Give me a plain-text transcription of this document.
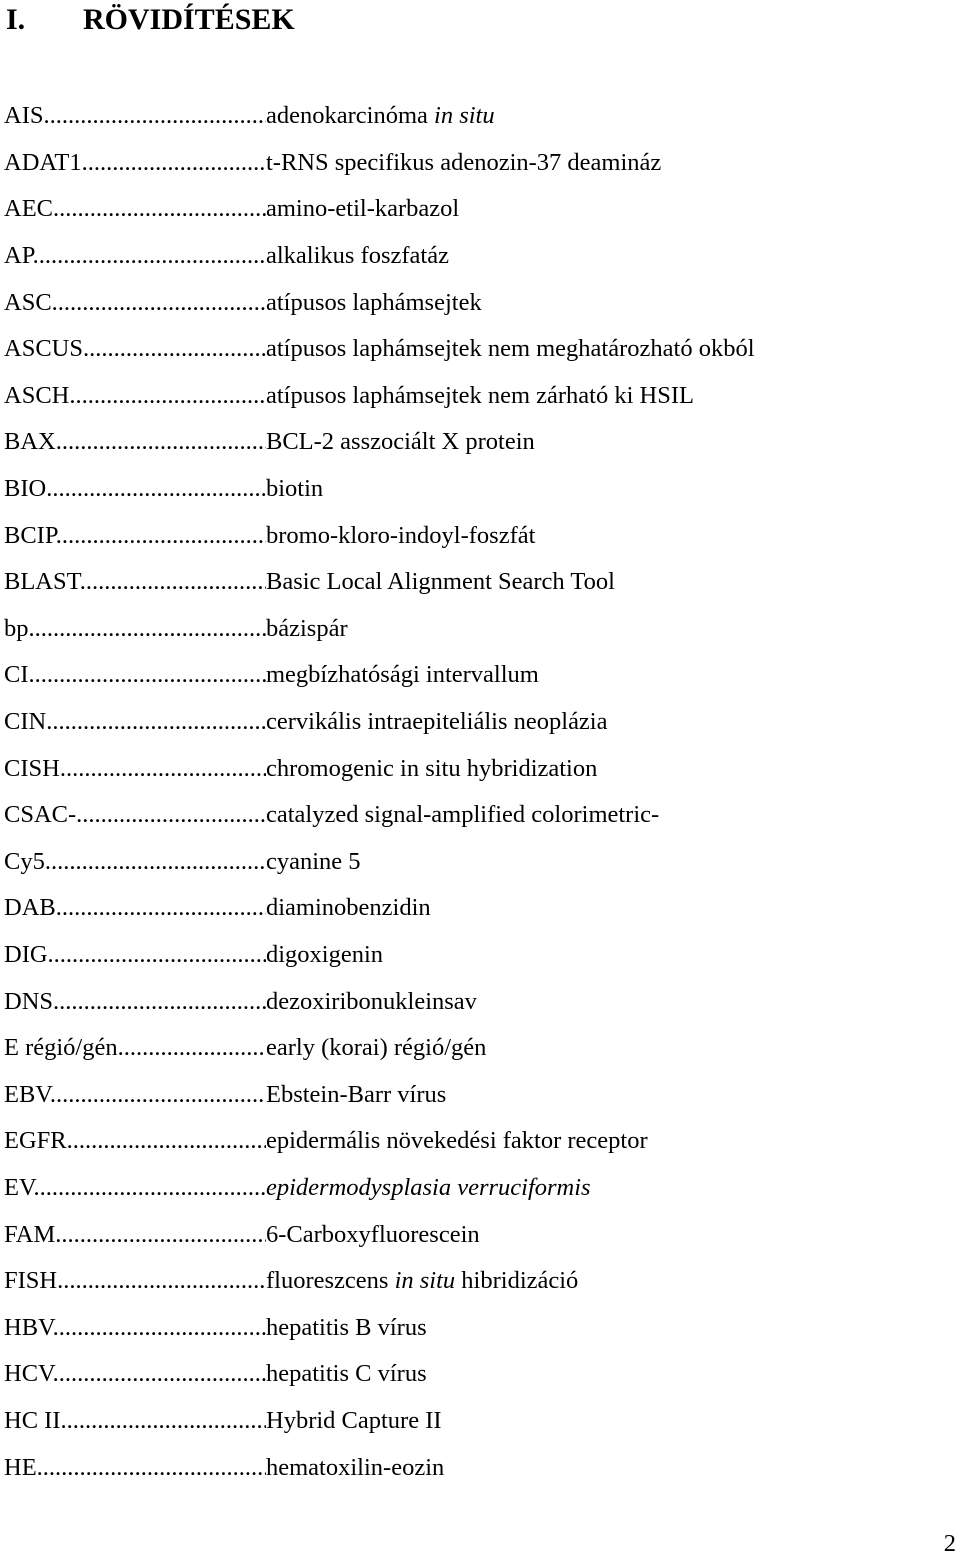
I. RÖVIDÍTÉSEK
AIS .....	adenokarcinóma in situ
ADAT1 .....	t-RNS specifikus adenozin-37 deamináz
AEC .....	amino-etil-karbazol
AP .....	alkalikus foszfatáz
ASC .....	atípusos laphámsejtek
ASCUS .....	atípusos laphámsejtek nem meghatározható okból
ASCH .....	atípusos laphámsejtek nem zárható ki HSIL
BAX .....	BCL-2 asszociált X protein
BIO .....	biotin
BCIP .....	bromo-kloro-indoyl-foszfát
BLAST .....	Basic Local Alignment Search Tool
bp .....	bázispár
CI .....	megbízhatósági intervallum
CIN .....	cervikális intraepiteliális neoplázia
CISH .....	chromogenic in situ hybridization
CSAC- .....	catalyzed signal-amplified colorimetric-
Cy5 .....	cyanine 5
DAB .....	diaminobenzidin
DIG .....	digoxigenin
DNS .....	dezoxiribonukleinsav
E régió/gén .....	early (korai) régió/gén
EBV .....	Ebstein-Barr vírus
EGFR .....	epidermális növekedési faktor receptor
EV .....	epidermodysplasia verruciformis
FAM .....	6-Carboxyfluorescein
FISH .....	fluoreszcens in situ hibridizáció
HBV .....	hepatitis B vírus
HCV .....	hepatitis C vírus
HC II .....	Hybrid Capture II
HE .....	hematoxilin-eozin
2
